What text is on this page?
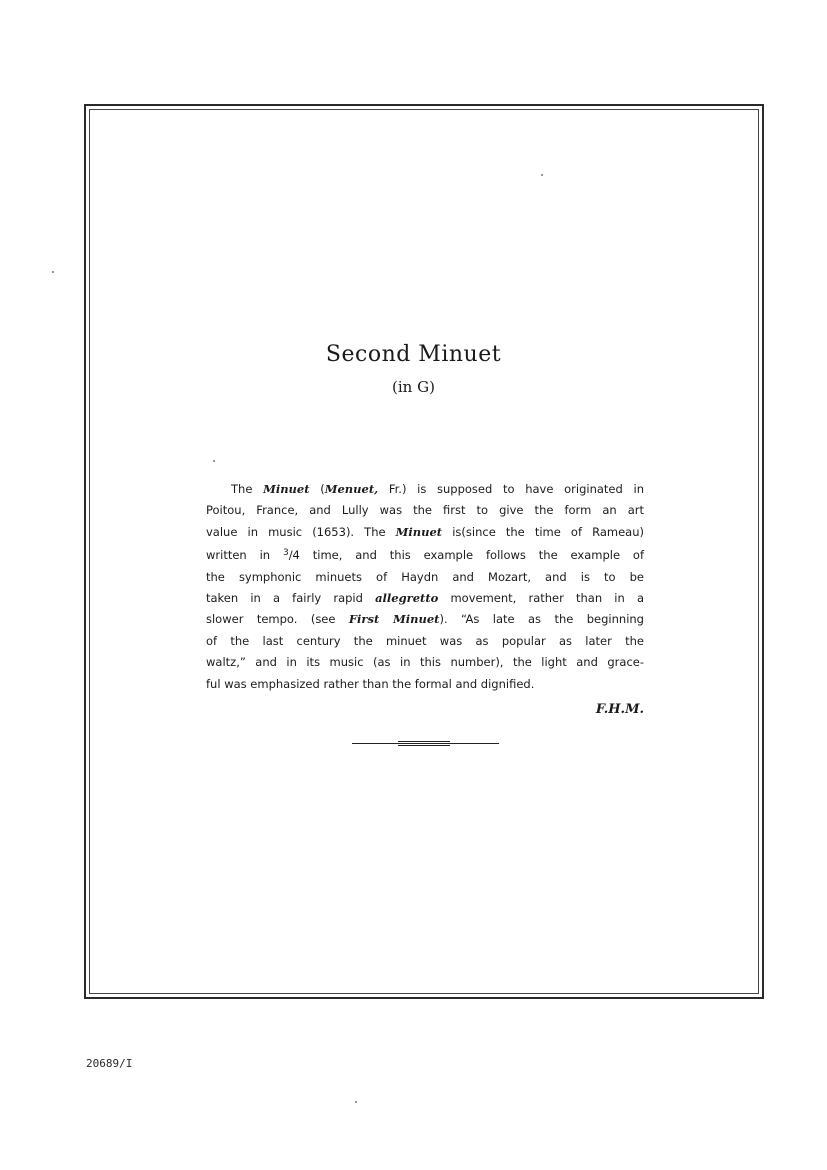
Second Minuet
(in G)
The Minuet (Menuet, Fr.) is supposed to have originated in
Poitou, France, and Lully was the first to give the form an art
value in music (1653). The Minuet is(since the time of Rameau)
written in $^3$/4 time, and this example follows the example of
the symphonic minuets of Haydn and Mozart, and is to be
taken in a fairly rapid allegretto movement, rather than in a
slower tempo. (see First Minuet). “As late as the beginning
of the last century the minuet was as popular as later the
waltz,” and in its music (as in this number), the light and grace-
ful was emphasized rather than the formal and dignified.
F.H.M.
20689/I
